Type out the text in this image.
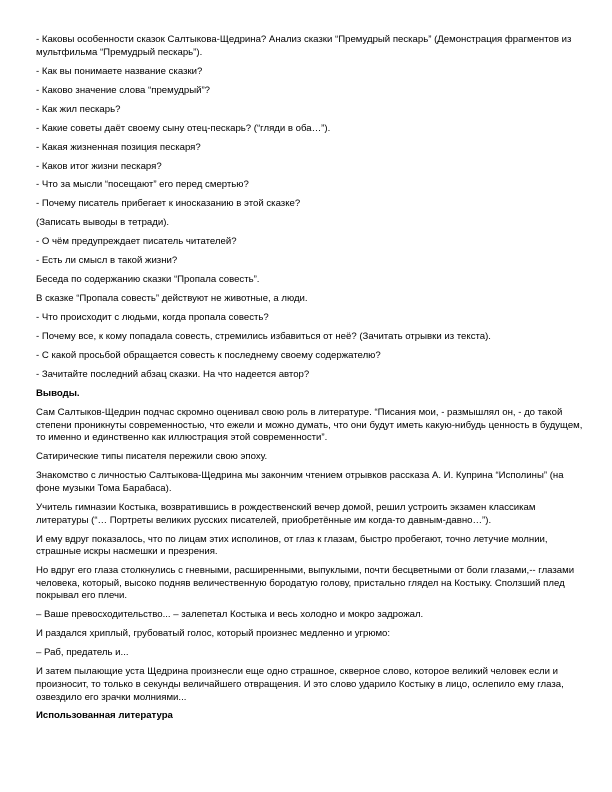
- Каковы особенности сказок Салтыкова-Щедрина? Анализ сказки “Премудрый пескарь” (Демонстрация фрагментов из мультфильма “Премудрый пескарь”).

- Как вы понимаете название сказки?

- Каково значение слова “премудрый”?

- Как жил пескарь?

- Какие советы даёт своему сыну отец-пескарь? (“гляди в оба…”).

- Какая жизненная позиция пескаря?

- Каков итог жизни пескаря?

- Что за мысли “посещают” его перед смертью?

- Почему писатель прибегает к иносказанию в этой сказке?

(Записать выводы в тетради).

- О чём предупреждает писатель читателей?

- Есть ли смысл в такой жизни?

Беседа по содержанию сказки “Пропала совесть”.

В сказке “Пропала совесть” действуют не животные, а люди.

- Что происходит с людьми, когда пропала совесть?

- Почему все, к кому попадала совесть, стремились избавиться от неё? (Зачитать отрывки из текста).

- С какой просьбой обращается совесть к последнему своему содержателю?

- Зачитайте последний абзац сказки. На что надеется автор?

Выводы.

Сам Салтыков-Щедрин подчас скромно оценивал свою роль в литературе. “Писания мои, - размышлял он, - до такой степени проникнуты современностью, что ежели и можно думать, что они будут иметь какую-нибудь ценность в будущем, то именно и единственно как иллюстрация этой современности”.

Сатирические типы писателя пережили свою эпоху.

Знакомство с личностью Салтыкова-Щедрина мы закончим чтением отрывков рассказа А. И. Куприна “Исполины” (на фоне музыки Тома Барабаса).

Учитель гимназии Костыка, возвратившись в рождественский вечер домой, решил устроить экзамен классикам литературы (“… Портреты великих русских писателей, приобретённые им когда-то давным-давно…”).

И ему вдруг показалось, что по лицам этих исполинов, от глаз к глазам, быстро пробегают, точно летучие молнии, страшные искры насмешки и презрения.

Но вдруг его глаза столкнулись с гневными, расширенными, выпуклыми, почти бесцветными от боли глазами,-- глазами человека, который, высоко подняв величественную бородатую голову, пристально глядел на Костыку. Сползший плед покрывал его плечи.

– Ваше превосходительство... – залепетал Костыка и весь холодно и мокро задрожал.

И раздался хриплый, грубоватый голос, который произнес медленно и угрюмо:

– Раб, предатель и...

И затем пылающие уста Щедрина произнесли еще одно страшное, скверное слово, которое великий человек если и произносит, то только в секунды величайшего отвращения. И это слово ударило Костыку в лицо, ослепило ему глаза, озвездило его зрачки молниями...

Использованная литература
